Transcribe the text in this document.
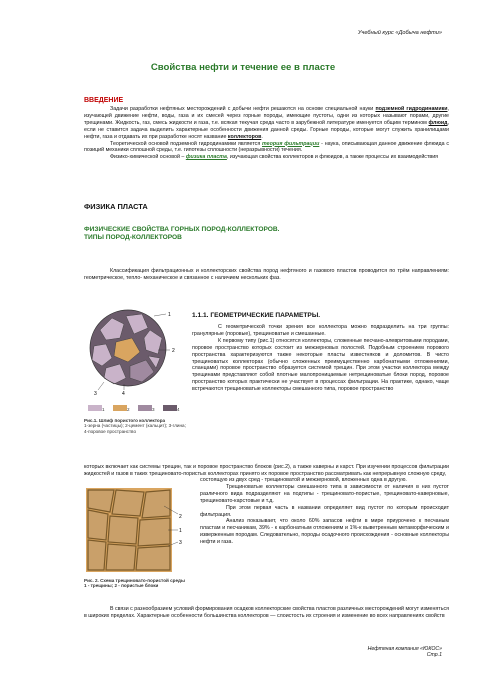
Учебный курс «Добыча нефти»
Свойства нефти и течение ее в пласте
ВВЕДЕНИЕ

Задачи разработки нефтяных месторождений с добычи нефти решаются на основе специальной науки подземной гидродинамики, изучающей движение нефти, воды, газа и их смесей через горные породы, имеющие пустоты, одни из которых называют порами, другие трещинами. Жидкость, газ, смесь жидкости и газа, т.е. всякая текучая среда часто в зарубежной литературе именуется общим термином флюид, если не ставится задача выделить характерные особенности движения данной среды. Горные породы, которые могут служить хранилищами нефти, газа и отдавать их при разработке носят название коллекторов.

Теоретической основой подземной гидродинамики является теория фильтрации - наука, описывающая данное движение флюида с позиций механики сплошной среды, т.е. гипотезы сплошности (неразрывности) течения.

Физико-химической основой – физика пласта, изучающая свойства коллекторов и флюидов, а также процессы их взаимодействия

ФИЗИКА ПЛАСТА
ФИЗИЧЕСКИЕ СВОЙСТВА ГОРНЫХ ПОРОД-КОЛЛЕКТОРОВ.
ТИПЫ ПОРОД-КОЛЛЕКТОРОВ

Классификация фильтрационных и коллекторских свойства пород нефтяного и газового пластов проводится по трём направлениям: геометрическое, тепло- механическое и связанное с наличием нескольких фаз.

1
2
3	4
1	2	3	4
Рис.1. Шлиф пористого коллектора
1-зерна (частицы); 2-цемент (кальцит); 3-глина; 4-поровое пространство
1.1.1. ГЕОМЕТРИЧЕСКИЕ ПАРАМЕТРЫ.

С геометрической точки зрения все коллектора можно подразделить на три группы: гранулярные (поровые), трещиноватые и смешанные.

К первому типу (рис.1) относятся коллекторы, сложенные песчано-алевритовыми породами, поровое пространство которых состоит из межзерновых полостей. Подобным строением порового пространства характеризуются также некоторые пласты известняков и доломитов. В чисто трещиноватых коллекторах (обычно сложенных преимущественно карбонатными отложениями, сланцами) поровое пространство образуется системой трещин. При этом участки коллектора между трещинами представляют собой плотные малопроницаемые нетрещиноватые блоки пород, поровое пространство которых практически не участвует в процессах фильтрации. На практике, однако, чаще встречаются трещиноватые коллекторы смешанного типа, поровое пространство

которых включает как системы трещин, так и поровое пространство блоков (рис.2), а также каверны и карст. При изучении процессов фильтрации жидкостей и газов в таких трещиновато-пористых коллекторах принято их поровое пространство рассматривать как непрерывную сложную среду,

2
1
3
Рис. 2. Схема трещиновато-пористой среды
1 - трещины; 2 - пористые блоки

состоящую из двух сред - трещиноватой и межзерновой, вложенных одна в другую.

Трещиноватые коллекторы смешанного типа в зависимости от наличия в них пустот различного вида подразделяют на подтипы - трещиновато-пористые, трещиновато-каверновые, трещиновато-карстовые и т.д.

При этом первая часть в названии определяет вид пустот по которым происходит фильтрация.

Анализ показывает, что около 60% запасов нефти в мире приурочено к песчаным пластам и песчаникам, 39% - к карбонатным отложениям и 1%-к выветренным метаморфическим и изверженным породам. Следовательно, породы осадочного происхождения - основные коллекторы нефти и газа.

В связи с разнообразием условий формирования осадков коллекторские свойства пластов различных месторождений могут изменяться в широких пределах. Характерные особенности большинства коллекторов — слоистость их строения и изменение во всех направлениях свойств

Нефтяная компания «ЮКОС»
Стр.1
